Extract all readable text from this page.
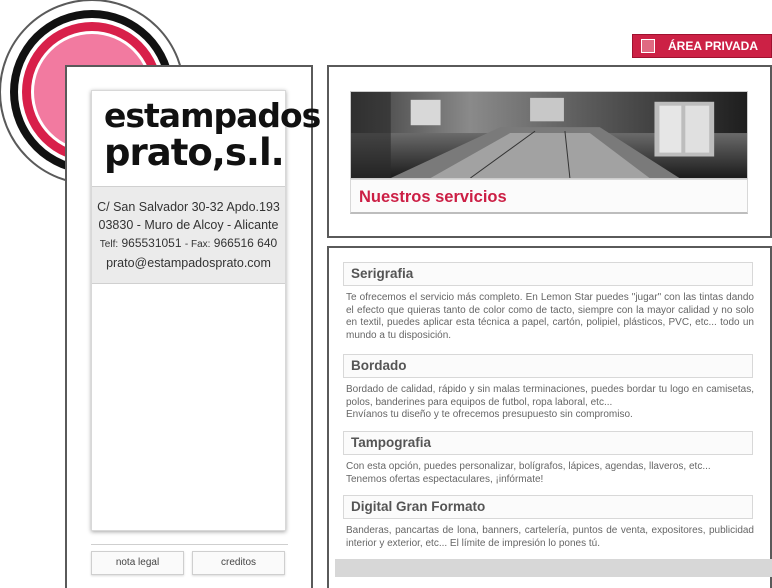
estampados
prato,s.l.
C/ San Salvador 30-32 Apdo.193
03830 - Muro de Alcoy - Alicante
Telf: 965531051 - Fax: 966516 640
prato@estampadosprato.com
nota legal	creditos
ÁREA PRIVADA
Nuestros servicios
Serigrafia
Te ofrecemos el servicio más completo. En Lemon Star puedes "jugar" con las tintas dando el efecto que quieras tanto de color como de tacto, siempre con la mayor calidad y no solo en textil, puedes aplicar esta técnica a papel, cartón, polipiel, plásticos, PVC, etc... todo un mundo a tu disposición.
Bordado
Bordado de calidad, rápido y sin malas terminaciones, puedes bordar tu logo en camisetas, polos, banderines para equipos de futbol, ropa laboral, etc...
Envíanos tu diseño y te ofrecemos presupuesto sin compromiso.
Tampografia
Con esta opción, puedes personalizar, bolígrafos, lápices, agendas, llaveros, etc...
Tenemos ofertas espectaculares, ¡infórmate!
Digital Gran Formato
Banderas, pancartas de lona, banners, cartelería, puntos de venta, expositores, publicidad interior y exterior, etc... El límite de impresión lo pones tú.
